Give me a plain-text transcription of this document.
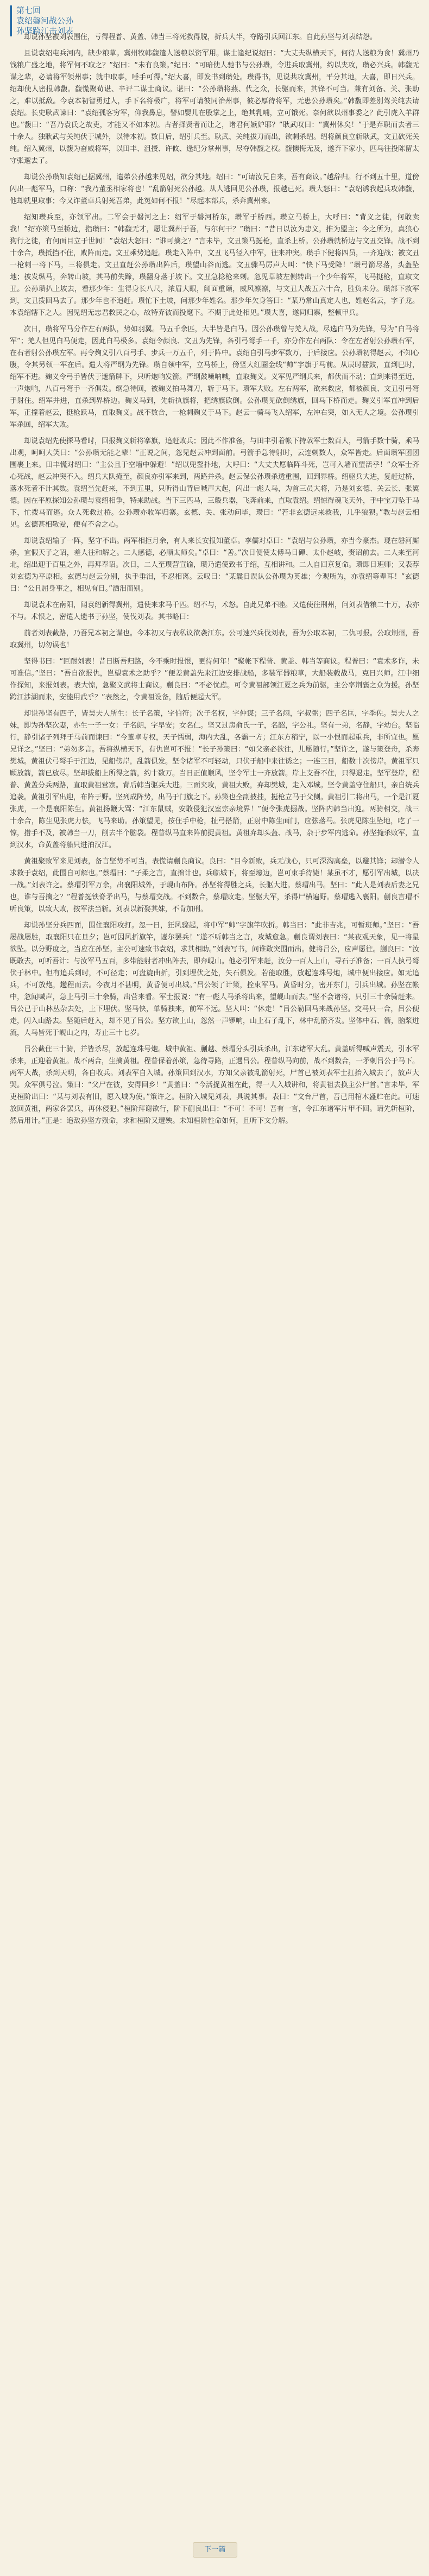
第七回
袁绍磐河战公孙
孙坚跨江击刘表

却说孙坚被刘表围住，亏得程普、黄盖、韩当三将死救得脱，折兵大半，夺路引兵回江东。自此孙坚与刘表结怨。

且说袁绍屯兵河内，缺少粮草。冀州牧韩馥遣人送粮以资军用。谋士逢纪说绍曰：“大丈夫纵横天下，何待人送粮为食！冀州乃钱粮广盛之地，将军何不取之？”绍曰：“未有良策。”纪曰：“可暗使人驰书与公孙瓒，令进兵取冀州，约以夹攻，瓒必兴兵。韩馥无谋之辈，必请将军领州事；就中取事，唾手可得。”绍大喜，即发书到瓒处。瓒得书，见说共攻冀州，平分其地，大喜，即日兴兵。绍却使人密报韩馥。馥慌聚荀谌、辛评二谋士商议。谌曰：“公孙瓒将燕、代之众，长驱而来，其锋不可当。兼有刘备、关、张助之，难以抵敌。今袁本初智勇过人，手下名将极广，将军可请彼同治州事，彼必厚待将军，无患公孙瓒矣。”韩馥即差别驾关纯去请袁绍。长史耿武谏曰：“袁绍孤客穷军，仰我鼻息，譬如婴儿在股掌之上，绝其乳哺，立可饿死。奈何欲以州事委之？此引虎入羊群也。”馥曰：“吾乃袁氏之故吏，才能又不如本初。古者择贤者而让之，诸君何嫉妒耶？”耿武叹曰：“冀州休矣！”于是弃职而去者三十余人。独耿武与关纯伏于城外，以待本初。数日后，绍引兵至。耿武、关纯拔刀而出，欲刺杀绍。绍将颜良立斩耿武，文丑砍死关纯。绍入冀州，以馥为奋威将军，以田丰、沮授、许攸、逢纪分掌州事，尽夺韩馥之权。馥懊悔无及，遂弃下家小，匹马往投陈留太守张邈去了。

却说公孙瓒知袁绍已据冀州，遣弟公孙越来见绍，欲分其地。绍曰：“可请汝兄自来，吾有商议。”越辞归。行不到五十里，道傍闪出一彪军马，口称：“我乃董丞相家将也！”乱箭射死公孙越。从人逃回见公孙瓒，报越已死。瓒大怒曰：“袁绍诱我起兵攻韩馥，他却就里取事；今又诈董卓兵射死吾弟，此冤如何不报！”尽起本部兵，杀奔冀州来。

绍知瓒兵至，亦领军出。二军会于磐河之上：绍军于磐河桥东，瓒军于桥西。瓒立马桥上，大呼曰：“背义之徒，何敢卖我！”绍亦策马至桥边，指瓒曰：“韩馥无才，愿让冀州于吾，与尔何干？”瓒曰：“昔日以汝为忠义，推为盟主；今之所为，真狼心狗行之徒，有何面目立于世间！”袁绍大怒曰：“谁可擒之？”言未毕，文丑策马挺枪，直杀上桥。公孙瓒就桥边与文丑交锋。战不到十余合，瓒抵挡不住，败阵而走。文丑乘势追赶。瓒走入阵中，文丑飞马径入中军，往来冲突。瓒手下健将四员，一齐迎战；被文丑一枪刺一将下马，三将俱走。文丑直赶公孙瓒出阵后，瓒望山谷而逃。文丑骤马厉声大叫：“快下马受降！”瓒弓箭尽落，头盔坠地；披发纵马，奔转山坡，其马前失蹄，瓒翻身落于坡下。文丑急捻枪来刺。忽见草坡左侧转出一个少年将军，飞马挺枪，直取文丑。公孙瓒扒上坡去，看那少年：生得身长八尺，浓眉大眼，阔面重颐，威风凛凛，与文丑大战五六十合，胜负未分。瓒部下救军到，文丑拨回马去了。那少年也不追赶。瓒忙下土坡，问那少年姓名。那少年欠身答曰：“某乃常山真定人也，姓赵名云，字子龙。本袁绍辖下之人。因见绍无忠君救民之心，故特弃彼而投麾下。不期于此处相见。”瓒大喜，遂同归寨，整顿甲兵。

次日，瓒将军马分作左右两队，势如羽翼。马五千余匹，大半皆是白马。因公孙瓒曾与羌人战，尽选白马为先锋，号为“白马将军”；羌人但见白马便走，因此白马极多。袁绍令颜良、文丑为先锋，各引弓弩手一千，亦分作左右两队：令在左者射公孙瓒右军，在右者射公孙瓒左军。再令麹义引八百弓手、步兵一万五千，列于阵中。袁绍自引马步军数万，于后接应。公孙瓒初得赵云，不知心腹，令其另领一军在后。遣大将严纲为先锋。瓒自领中军，立马桥上，傍竖大红圈金线“帅”字旗于马前。从辰时擂鼓，直到巳时，绍军不进。麹义令弓手皆伏于遮箭牌下，只听炮响发箭。严纲鼓噪呐喊，直取麹义。义军见严纲兵来，都伏而不动；直到来得至近，一声炮响，八百弓弩手一齐俱发。纲急待回，被麹义拍马舞刀，斩于马下。瓒军大败。左右两军，欲来救应，都被颜良、文丑引弓弩手射住。绍军并进，直杀到界桥边。麹义马到，先斩执旗将，把绣旗砍倒。公孙瓒见砍倒绣旗，回马下桥而走。麹义引军直冲到后军，正撞着赵云，挺枪跃马，直取麹义。战不数合，一枪刺麹义于马下。赵云一骑马飞入绍军，左冲右突，如入无人之境。公孙瓒引军杀回，绍军大败。

却说袁绍先使探马看时，回报麹义斩将搴旗，追赶败兵；因此不作准备，与田丰引着帐下持戟军士数百人，弓箭手数十骑，乘马出观，呵呵大笑曰：“公孙瓒无能之辈！”正说之间，忽见赵云冲到面前。弓箭手急待射时，云连刺数人，众军皆走。后面瓒军团团围裹上来。田丰慌对绍曰：“主公且于空墙中躲避！”绍以兜鍪扑地，大呼曰：“大丈夫愿临阵斗死，岂可入墙而望活乎！”众军士齐心死战，赵云冲突不入。绍兵大队掩至，颜良亦引军来到，两路并杀。赵云保公孙瓒杀透重围，回到界桥。绍驱兵大进，复赶过桥，落水死者不计其数。袁绍当先赶来，不到五里，只听得山背后喊声大起，闪出一彪人马，为首三员大将，乃是刘玄德、关云长、张翼德。因在平原探知公孙瓒与袁绍相争，特来助战。当下三匹马，三般兵器，飞奔前来，直取袁绍。绍惊得魂飞天外，手中宝刀坠于马下，忙拨马而逃。众人死救过桥。公孙瓒亦收军归寨。玄德、关、张动问毕，瓒曰：“若非玄德远来救我，几乎狼狈。”教与赵云相见。玄德甚相敬爱，便有不舍之心。

却说袁绍输了一阵，坚守不出。两军相拒月余，有人来长安报知董卓。李儒对卓曰：“袁绍与公孙瓒，亦当今豪杰。现在磐河厮杀，宜假天子之诏，差人往和解之。二人感德，必顺太师矣。”卓曰：“善。”次日便使太傅马日磾、太仆赵岐，赍诏前去。二人来至河北，绍出迎于百里之外，再拜奉诏。次日，二人至瓒营宣谕，瓒乃遣使致书于绍，互相讲和。二人自回京复命。瓒即日班师；又表荐刘玄德为平原相。玄德与赵云分别，执手垂泪，不忍相离。云叹曰：“某曩日误认公孙瓒为英雄；今观所为，亦袁绍等辈耳！”玄德曰：“公且屈身事之，相见有日。”洒泪而别。

却说袁术在南阳，闻袁绍新得冀州，遣使来求马千匹。绍不与，术怒。自此兄弟不睦。又遣使往荆州，问刘表借粮二十万，表亦不与。术恨之，密遣人遗书于孙坚，使伐刘表。其书略曰：

前者刘表截路，乃吾兄本初之谋也。今本初又与表私议欲袭江东。公可速兴兵伐刘表，吾为公取本初，二仇可报。公取荆州，吾取冀州，切勿误也！

坚得书曰：“叵耐刘表！昔日断吾归路，今不乘时报恨，更待何年！”聚帐下程普、黄盖、韩当等商议。程普曰：“袁术多诈，未可准信。”坚曰：“吾自欲报仇，岂望袁术之助乎？”便差黄盖先来江边安排战船，多装军器粮草，大船装载战马，克日兴师。江中细作探知，来报刘表。表大惊，急聚文武将士商议。蒯良曰：“不必忧虑。可令黄祖部领江夏之兵为前驱，主公率荆襄之众为援。孙坚跨江涉湖而来，安能用武乎？”表然之，令黄祖设备，随后便起大军。

却说孙坚有四子，皆吴夫人所生：长子名策，字伯符；次子名权，字仲谋；三子名翊，字叔弼；四子名匡，字季佐。吴夫人之妹，即为孙坚次妻，亦生一子一女：子名朗，字早安；女名仁。坚又过房俞氏一子，名韶，字公礼。坚有一弟，名静，字幼台。坚临行，静引诸子列拜于马前而谏曰：“今董卓专权，天子懦弱，海内大乱，各霸一方；江东方稍宁，以一小恨而起重兵，非所宜也。愿兄详之。”坚曰：“弟勿多言。吾将纵横天下，有仇岂可不报！”长子孙策曰：“如父亲必欲往，儿愿随行。”坚许之，遂与策登舟，杀奔樊城。黄祖伏弓弩手于江边，见船傍岸，乱箭俱发。坚令诸军不可轻动，只伏于船中来往诱之；一连三日，船数十次傍岸。黄祖军只顾放箭，箭已放尽。坚却拔船上所得之箭，约十数万。当日正值顺风，坚令军士一齐放箭。岸上支吾不住，只得退走。坚军登岸，程普、黄盖分兵两路，直取黄祖营寨。背后韩当驱兵大进。三面夹攻，黄祖大败，弃却樊城，走入邓城。坚令黄盖守住船只，亲自统兵追袭。黄祖引军出迎，布阵于野。坚列成阵势，出马于门旗之下。孙策也全副披挂，挺枪立马于父侧。黄祖引二将出马，一个是江夏张虎，一个是襄阳陈生。黄祖扬鞭大骂：“江东鼠贼，安敢侵犯汉室宗亲境界！”便令张虎搦战。坚阵内韩当出迎。两骑相交，战三十余合，陈生见张虎力怯，飞马来助。孙策望见，按住手中枪，扯弓搭箭，正射中陈生面门，应弦落马。张虎见陈生坠地，吃了一惊，措手不及，被韩当一刀，削去半个脑袋。程普纵马直来阵前捉黄祖。黄祖弃却头盔、战马，杂于步军内逃命。孙坚掩杀败军，直到汉水，命黄盖将船只进泊汉江。

黄祖聚败军来见刘表，备言坚势不可当。表慌请蒯良商议。良曰：“目今新败，兵无战心，只可深沟高垒，以避其锋；却潜令人求救于袁绍，此围自可解也。”蔡瑁曰：“子柔之言，直拙计也。兵临城下，将至壕边，岂可束手待毙！某虽不才，愿引军出城，以决一战。”刘表许之。蔡瑁引军万余，出襄阳城外，于岘山布阵。孙坚将得胜之兵，长驱大进。蔡瑁出马。坚曰：“此人是刘表后妻之兄也，谁与吾擒之？”程普挺铁脊矛出马，与蔡瑁交战。不到数合，蔡瑁败走。坚驱大军，杀得尸横遍野。蔡瑁逃入襄阳。蒯良言瑁不听良策，以致大败，按军法当斩。刘表以新娶其妹，不肯加刑。

却说孙坚分兵四面，围住襄阳攻打。忽一日，狂风骤起，将中军“帅”字旗竿吹折。韩当曰：“此非吉兆，可暂班师。”坚曰：“吾屡战屡胜，取襄阳只在旦夕；岂可因风折旗竿，遽尔罢兵！”遂不听韩当之言，攻城愈急。蒯良谓刘表曰：“某夜观天象，见一将星欲坠。以分野度之，当应在孙坚。主公可速致书袁绍，求其相助。”刘表写书，问谁敢突围而出。健将吕公，应声愿往。蒯良曰：“汝既敢去，可听吾计：与汝军马五百，多带能射者冲出阵去，即奔岘山。他必引军来赶，汝分一百人上山，寻石子准备；一百人执弓弩伏于林中。但有追兵到时，不可径走；可盘旋曲折，引到埋伏之处，矢石俱发。若能取胜，放起连珠号炮，城中便出接应。如无追兵，不可放炮，趱程而去。今夜月不甚明，黄昏便可出城。”吕公领了计策，拴束军马。黄昏时分，密开东门，引兵出城。孙坚在帐中，忽闻喊声，急上马引三十余骑，出营来看。军士报说：“有一彪人马杀将出来，望岘山而去。”坚不会诸将，只引三十余骑赶来。吕公已于山林丛杂去处，上下埋伏。坚马快，单骑独来，前军不远。坚大叫：“休走！”吕公勒回马来战孙坚。交马只一合，吕公便走，闪入山路去。坚随后赶入，却不见了吕公。坚方欲上山，忽然一声锣响，山上石子乱下，林中乱箭齐发。坚体中石、箭，脑浆迸流，人马皆死于岘山之内，寿止三十七岁。

吕公截住三十骑，并皆杀尽，放起连珠号炮。城中黄祖、蒯越、蔡瑁分头引兵杀出，江东诸军大乱。黄盖听得喊声震天，引水军杀来，正迎着黄祖。战不两合，生擒黄祖。程普保着孙策，急待寻路，正遇吕公。程普纵马向前，战不到数合，一矛刺吕公于马下。两军大战，杀到天明，各自收兵。刘表军自入城。孙策回到汉水，方知父亲被乱箭射死，尸首已被刘表军士扛抬入城去了，放声大哭。众军俱号泣。策曰：“父尸在彼，安得回乡！”黄盖曰：“今活捉黄祖在此，得一人入城讲和，将黄祖去换主公尸首。”言未毕，军吏桓阶出曰：“某与刘表有旧，愿入城为使。”策许之。桓阶入城见刘表，具说其事。表曰：“文台尸首，吾已用棺木盛贮在此。可速放回黄祖，两家各罢兵，再休侵犯。”桓阶拜谢欲行，阶下蒯良出曰：“不可！不可！吾有一言，令江东诸军片甲不回。请先斩桓阶，然后用计。”正是：追敌孙坚方殒命，求和桓阶又遭殃。未知桓阶性命如何，且听下文分解。

下一篇
